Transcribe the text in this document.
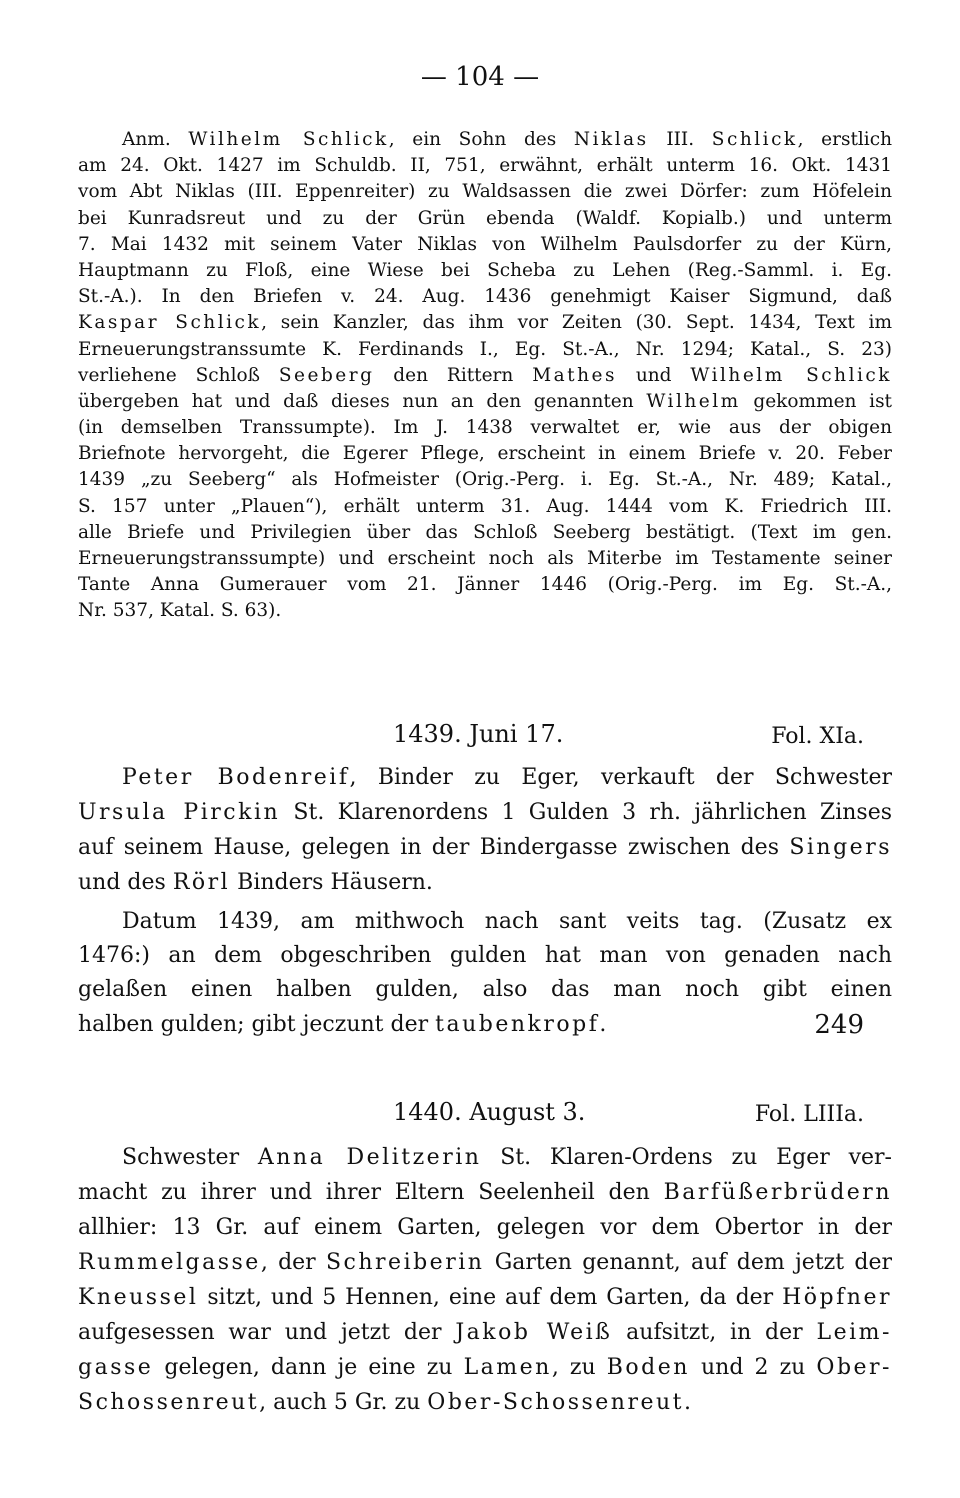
— 104 —
Anm. Wilhelm Schlick, ein Sohn des Niklas III. Schlick, erstlich
am 24. Okt. 1427 im Schuldb. II, 751, erwähnt, erhält unterm 16. Okt. 1431
vom Abt Niklas (III. Eppenreiter) zu Waldsassen die zwei Dörfer: zum Höfelein
bei Kunradsreut und zu der Grün ebenda (Waldf. Kopialb.) und unterm
7. Mai 1432 mit seinem Vater Niklas von Wilhelm Paulsdorfer zu der Kürn,
Hauptmann zu Floß, eine Wiese bei Scheba zu Lehen (Reg.-Samml. i. Eg.
St.-A.). In den Briefen v. 24. Aug. 1436 genehmigt Kaiser Sigmund, daß
Kaspar Schlick, sein Kanzler, das ihm vor Zeiten (30. Sept. 1434, Text im
Erneuerungstranssumte K. Ferdinands I., Eg. St.-A., Nr. 1294; Katal., S. 23)
verliehene Schloß Seeberg den Rittern Mathes und Wilhelm Schlick
übergeben hat und daß dieses nun an den genannten Wilhelm gekommen ist
(in demselben Transsumpte). Im J. 1438 verwaltet er, wie aus der obigen
Briefnote hervorgeht, die Egerer Pflege, erscheint in einem Briefe v. 20. Feber
1439 „zu Seeberg“ als Hofmeister (Orig.-Perg. i. Eg. St.-A., Nr. 489; Katal.,
S. 157 unter „Plauen“), erhält unterm 31. Aug. 1444 vom K. Friedrich III.
alle Briefe und Privilegien über das Schloß Seeberg bestätigt. (Text im gen.
Erneuerungstranssumpte) und erscheint noch als Miterbe im Testamente seiner
Tante Anna Gumerauer vom 21. Jänner 1446 (Orig.-Perg. im Eg. St.-A.,
Nr. 537, Katal. S. 63).
1439. Juni 17.	Fol. XIa.
Peter Bodenreif, Binder zu Eger, verkauft der Schwester
Ursula Pirckin St. Klarenordens 1 Gulden 3 rh. jährlichen Zinses
auf seinem Hause, gelegen in der Bindergasse zwischen des Singers
und des Rörl Binders Häusern.
Datum 1439, am mithwoch nach sant veits tag. (Zusatz ex
1476:) an dem obgeschriben gulden hat man von genaden nach
gelaßen einen halben gulden, also das man noch gibt einen
halben gulden; gibt jeczunt der taubenkropf.	249
1440. August 3.	Fol. LIIIa.
Schwester Anna Delitzerin St. Klaren-Ordens zu Eger ver-
macht zu ihrer und ihrer Eltern Seelenheil den Barfüßerbrüdern
allhier: 13 Gr. auf einem Garten, gelegen vor dem Obertor in der
Rummelgasse, der Schreiberin Garten genannt, auf dem jetzt der
Kneussel sitzt, und 5 Hennen, eine auf dem Garten, da der Höpfner
aufgesessen war und jetzt der Jakob Weiß aufsitzt, in der Leim-
gasse gelegen, dann je eine zu Lamen, zu Boden und 2 zu Ober-
Schossenreut, auch 5 Gr. zu Ober-Schossenreut.
